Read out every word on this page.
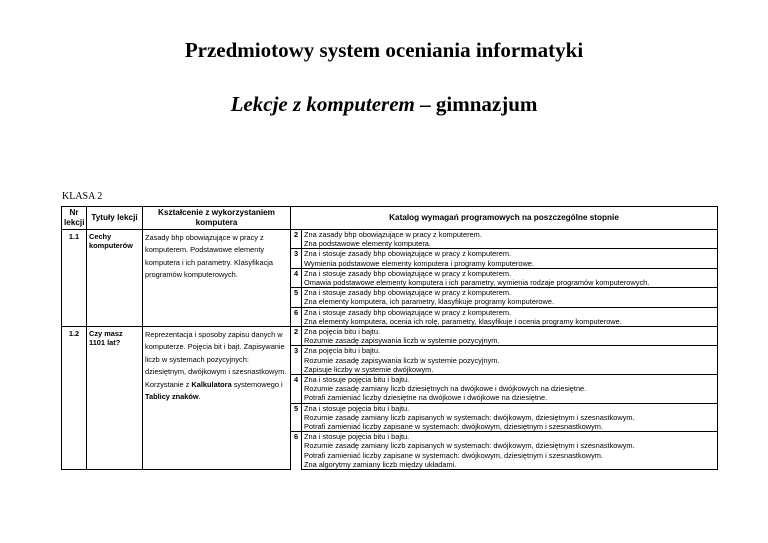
Przedmiotowy system oceniania informatyki
Lekcje z komputerem – gimnazjum
KLASA 2
Nr lekcji	Tytuły lekcji	Kształcenie z wykorzystaniem komputera	Katalog wymagań programowych na poszczególne stopnie	
1.1	Cechy komputerów	Zasady bhp obowiązujące w pracy z komputerem. Podstawowe elementy komputera i ich parametry. Klasyfikacja programów komputerowych.	2	Zna zasady bhp obowiązujące w pracy z komputerem.
Zna podstawowe elementy komputera.

			3	Zna i stosuje zasady bhp obowiązujące w pracy z komputerem.
Wymienia podstawowe elementy komputera i programy komputerowe.

			4	Zna i stosuje zasady bhp obowiązujące w pracy z komputerem.
Omawia podstawowe elementy komputera i ich parametry, wymienia rodzaje programów komputerowych.

			5	Zna i stosuje zasady bhp obowiązujące w pracy z komputerem.
Zna elementy komputera, ich parametry, klasyfikuje programy komputerowe.

			6	Zna i stosuje zasady bhp obowiązujące w pracy z komputerem.
Zna elementy komputera, ocenia ich rolę, parametry, klasyfikuje i ocenia programy komputerowe.

1.2	Czy masz 1101 lat?	Reprezentacja i sposoby zapisu danych w komputerze. Pojęcia bit i bajt. Zapisywanie liczb w systemach pozycyjnych: dziesiętnym, dwójkowym i szesnastkowym. Korzystanie z Kalkulatora systemowego i Tablicy znaków.	2	Zna pojęcia bitu i bajtu.
Rozumie zasadę zapisywania liczb w systemie pozycyjnym.

			3	Zna pojęcia bitu i bajtu.
Rozumie zasadę zapisywania liczb w systemie pozycyjnym.
Zapisuje liczby w systemie dwójkowym.

			4	Zna i stosuje pojęcia bitu i bajtu.
Rozumie zasadę zamiany liczb dziesiętnych na dwójkowe i dwójkowych na dziesiętne.
Potrafi zamieniać liczby dziesiętne na dwójkowe i dwójkowe na dziesiętne.

			5	Zna i stosuje pojęcia bitu i bajtu.
Rozumie zasadę zamiany liczb zapisanych w systemach: dwójkowym, dziesiętnym i szesnastkowym.
Potrafi zamieniać liczby zapisane w systemach: dwójkowym, dziesiętnym i szesnastkowym.

			6	Zna i stosuje pojęcia bitu i bajtu.
Rozumie zasadę zamiany liczb zapisanych w systemach: dwójkowym, dziesiętnym i szesnastkowym.
Potrafi zamieniać liczby zapisane w systemach: dwójkowym, dziesiętnym i szesnastkowym.
Zna algorytmy zamiany liczb między układami.
